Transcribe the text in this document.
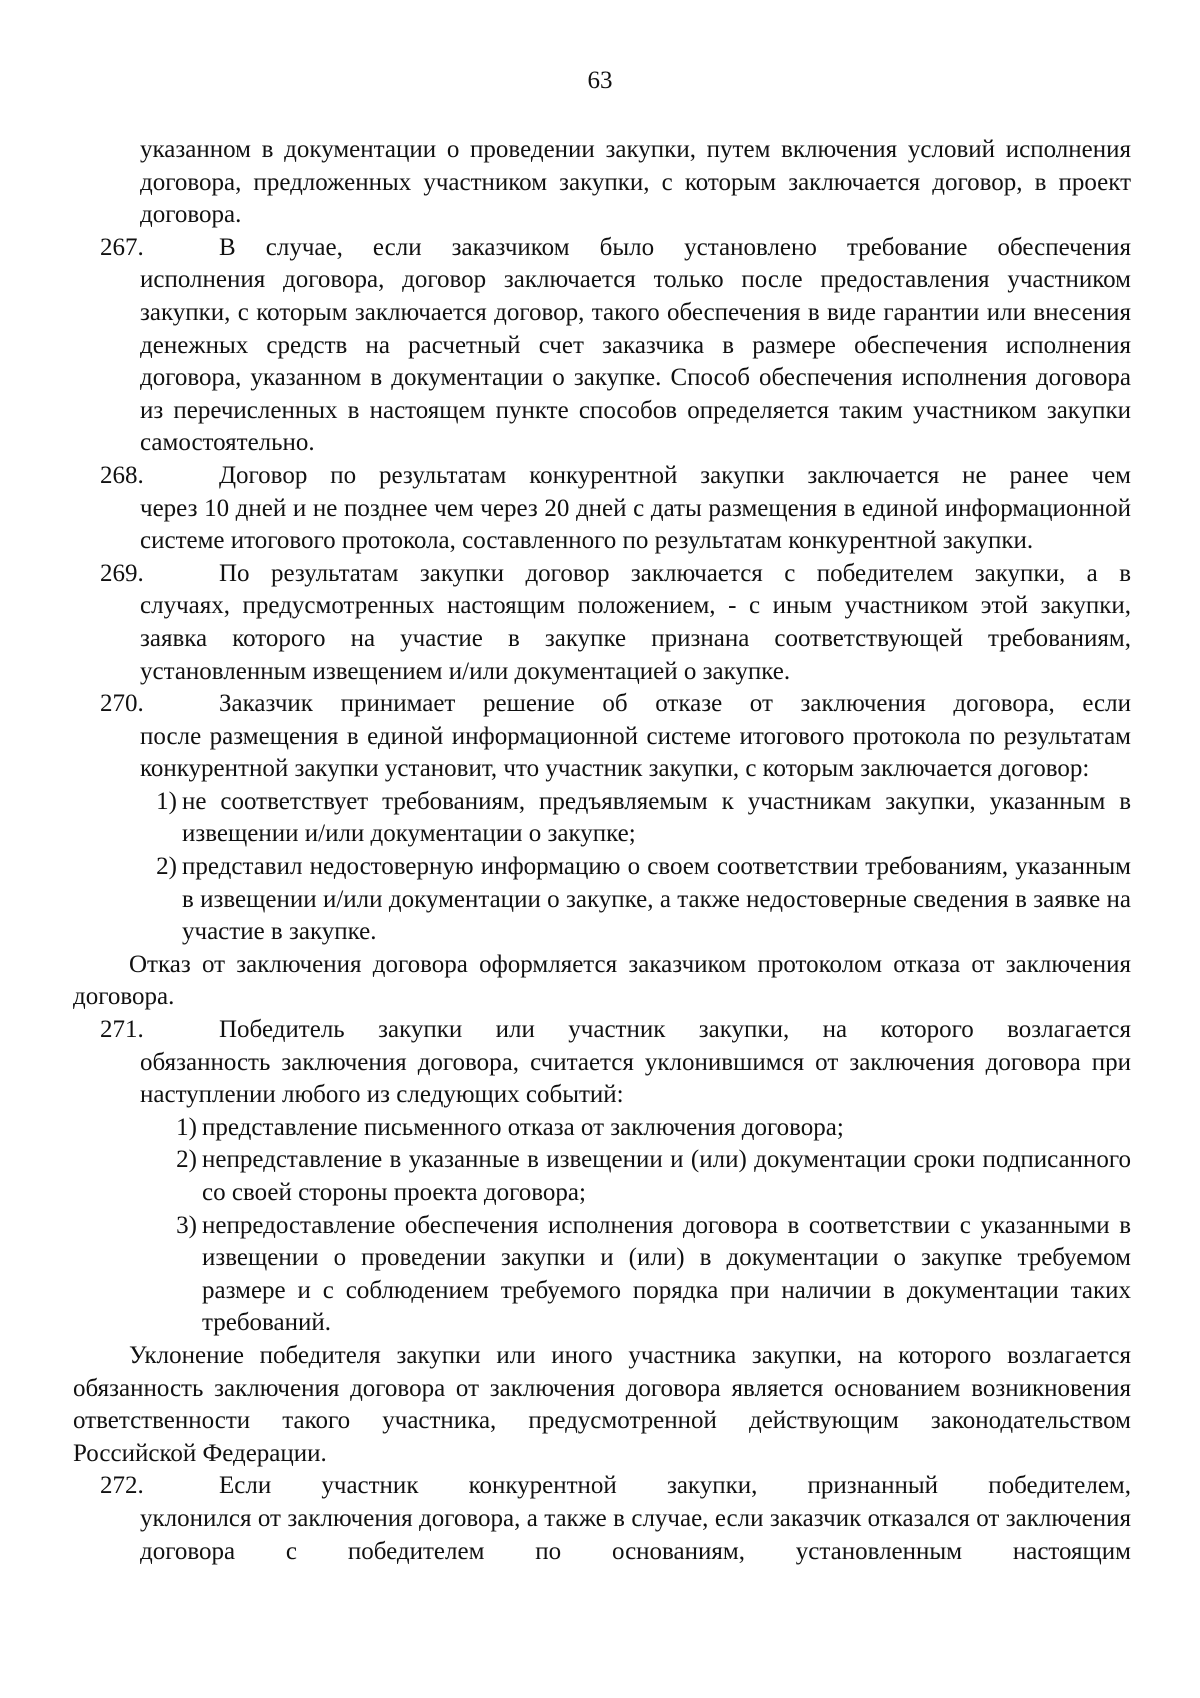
63

указанном в документации о проведении закупки, путем включения условий исполнения договора, предложенных участником закупки, с которым заключается договор, в проект договора.

267.	В случае, если заказчиком было установлено требование обеспечения

исполнения договора, договор заключается только после предоставления участником закупки, с которым заключается договор, такого обеспечения в виде гарантии или внесения денежных средств на расчетный счет заказчика в размере обеспечения исполнения договора, указанном в документации о закупке. Способ обеспечения исполнения договора из перечисленных в настоящем пункте способов определяется таким участником закупки самостоятельно.

268.	Договор по результатам конкурентной закупки заключается не ранее чем

через 10 дней и не позднее чем через 20 дней с даты размещения в единой информационной системе итогового протокола, составленного по результатам конкурентной закупки.

269.	По результатам закупки договор заключается с победителем закупки, а в

случаях, предусмотренных настоящим положением, - с иным участником этой закупки, заявка которого на участие в закупке признана соответствующей требованиям, установленным извещением и/или документацией о закупке.

270.	Заказчик принимает решение об отказе от заключения договора, если

после размещения в единой информационной системе итогового протокола по результатам конкурентной закупки установит, что участник закупки, с которым заключается договор:

1) не соответствует требованиям, предъявляемым к участникам закупки, указанным в извещении и/или документации о закупке;

2) представил недостоверную информацию о своем соответствии требованиям, указанным в извещении и/или документации о закупке, а также недостоверные сведения в заявке на участие в закупке.

Отказ от заключения договора оформляется заказчиком протоколом отказа от заключения договора.

271.	Победитель закупки или участник закупки, на которого возлагается

обязанность заключения договора, считается уклонившимся от заключения договора при наступлении любого из следующих событий:

1) представление письменного отказа от заключения договора;

2) непредставление в указанные в извещении и (или) документации сроки подписанного со своей стороны проекта договора;

3) непредоставление обеспечения исполнения договора в соответствии с указанными в извещении о проведении закупки и (или) в документации о закупке требуемом размере и с соблюдением требуемого порядка при наличии в документации таких требований.

Уклонение победителя закупки или иного участника закупки, на которого возлагается обязанность заключения договора от заключения договора является основанием возникновения ответственности такого участника, предусмотренной действующим законодательством Российской Федерации.

272.	Если участник конкурентной закупки, признанный победителем,

уклонился от заключения договора, а также в случае, если заказчик отказался от заключения договора с победителем по основаниям, установленным настоящим
